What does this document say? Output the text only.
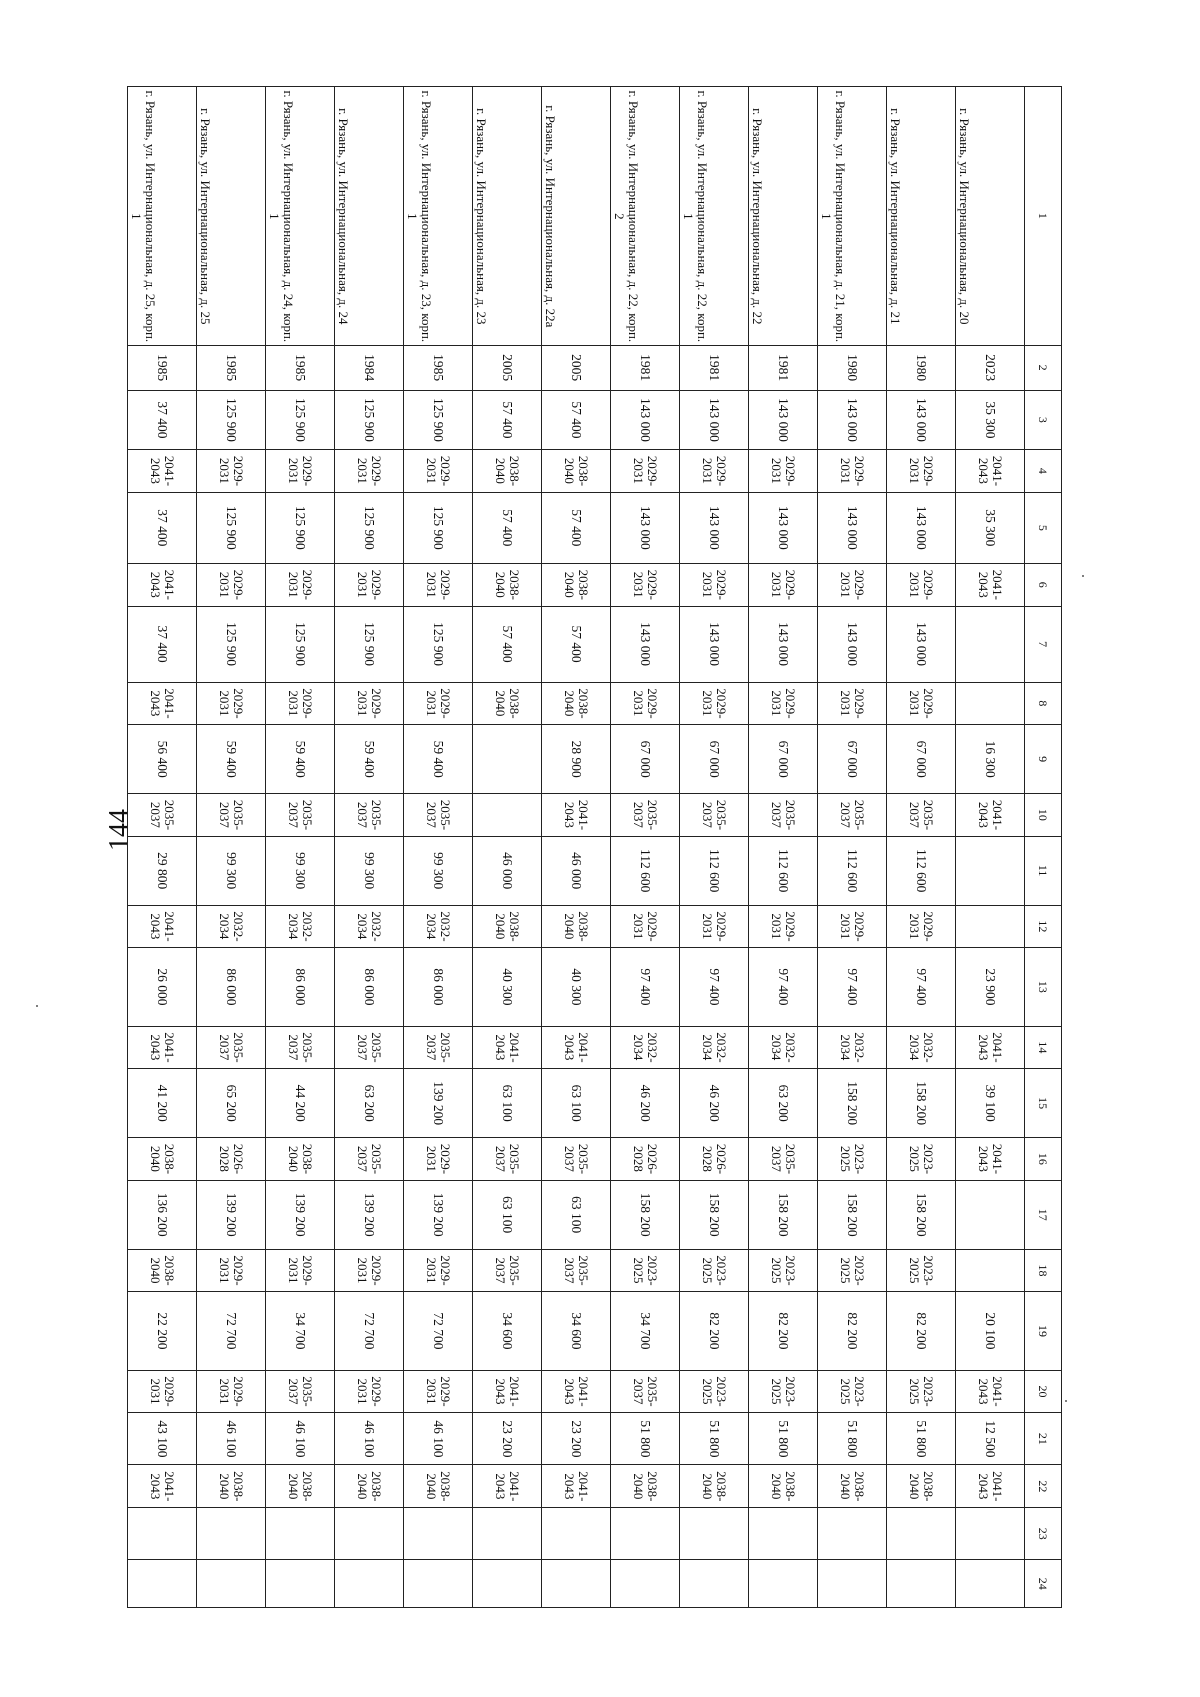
144
1	2	3	4	5	6	7	8	9	10	11	12	13	14	15	16	17	18	19	20	21	22	23	24
г. Рязань, ул. Интернациональная, д. 20	2023	35 300	2041-2043	35 300	2041-2043			16 300	2041-2043			23 900	2041-2043	39 100	2041-2043			20 100	2041-2043	12 500	2041-2043		
г. Рязань, ул. Интернациональная, д. 21	1980	143 000	2029-2031	143 000	2029-2031	143 000	2029-2031	67 000	2035-2037	112 600	2029-2031	97 400	2032-2034	158 200	2023-2025	158 200	2023-2025	82 200	2023-2025	51 800	2038-2040		
г. Рязань, ул. Интернациональная, д. 21, корп. 1	1980	143 000	2029-2031	143 000	2029-2031	143 000	2029-2031	67 000	2035-2037	112 600	2029-2031	97 400	2032-2034	158 200	2023-2025	158 200	2023-2025	82 200	2023-2025	51 800	2038-2040		
г. Рязань, ул. Интернациональная, д. 22	1981	143 000	2029-2031	143 000	2029-2031	143 000	2029-2031	67 000	2035-2037	112 600	2029-2031	97 400	2032-2034	63 200	2035-2037	158 200	2023-2025	82 200	2023-2025	51 800	2038-2040		
г. Рязань, ул. Интернациональная, д. 22, корп. 1	1981	143 000	2029-2031	143 000	2029-2031	143 000	2029-2031	67 000	2035-2037	112 600	2029-2031	97 400	2032-2034	46 200	2026-2028	158 200	2023-2025	82 200	2023-2025	51 800	2038-2040		
г. Рязань, ул. Интернациональная, д. 22, корп. 2	1981	143 000	2029-2031	143 000	2029-2031	143 000	2029-2031	67 000	2035-2037	112 600	2029-2031	97 400	2032-2034	46 200	2026-2028	158 200	2023-2025	34 700	2035-2037	51 800	2038-2040		
г. Рязань, ул. Интернациональная, д. 22а	2005	57 400	2038-2040	57 400	2038-2040	57 400	2038-2040	28 900	2041-2043	46 000	2038-2040	40 300	2041-2043	63 100	2035-2037	63 100	2035-2037	34 600	2041-2043	23 200	2041-2043		
г. Рязань, ул. Интернациональная, д. 23	2005	57 400	2038-2040	57 400	2038-2040	57 400	2038-2040			46 000	2038-2040	40 300	2041-2043	63 100	2035-2037	63 100	2035-2037	34 600	2041-2043	23 200	2041-2043		
г. Рязань, ул. Интернациональная, д. 23, корп. 1	1985	125 900	2029-2031	125 900	2029-2031	125 900	2029-2031	59 400	2035-2037	99 300	2032-2034	86 000	2035-2037	139 200	2029-2031	139 200	2029-2031	72 700	2029-2031	46 100	2038-2040		
г. Рязань, ул. Интернациональная, д. 24	1984	125 900	2029-2031	125 900	2029-2031	125 900	2029-2031	59 400	2035-2037	99 300	2032-2034	86 000	2035-2037	63 200	2035-2037	139 200	2029-2031	72 700	2029-2031	46 100	2038-2040		
г. Рязань, ул. Интернациональная, д. 24, корп. 1	1985	125 900	2029-2031	125 900	2029-2031	125 900	2029-2031	59 400	2035-2037	99 300	2032-2034	86 000	2035-2037	44 200	2038-2040	139 200	2029-2031	34 700	2035-2037	46 100	2038-2040		
г. Рязань, ул. Интернациональная, д. 25	1985	125 900	2029-2031	125 900	2029-2031	125 900	2029-2031	59 400	2035-2037	99 300	2032-2034	86 000	2035-2037	65 200	2026-2028	139 200	2029-2031	72 700	2029-2031	46 100	2038-2040		
г. Рязань, ул. Интернациональная, д. 25, корп. 1	1985	37 400	2041-2043	37 400	2041-2043	37 400	2041-2043	56 400	2035-2037	29 800	2041-2043	26 000	2041-2043	41 200	2038-2040	136 200	2038-2040	22 200	2029-2031	43 100	2041-2043		
